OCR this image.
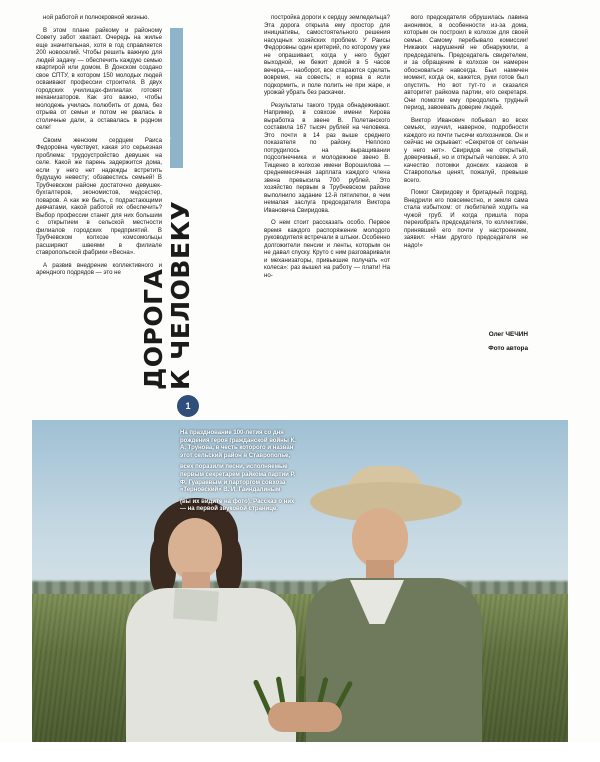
ной работой и полнокровной жизнью.

В этом плане райкому и районому Совету забот хватает. Очередь на жилье еще значительная, хотя в год справляется 200 новоселий. Чтобы решить важную для людей задачу — обеспечить каждую семью квартирой или домом. В Донском создано свое СПТУ, в котором 150 молодых людей осваивают профессии строителя. В двух городских училищах-филиалах готовят механизаторов. Как это важно, чтобы молодежь училась полюбить от дома, без отрыва от семьи и потом не рвалась в столичные дали, а оставалась в родном селе!

Своим женским сердцем Раиса Федоровна чувствует, какая это серьезная проблема: трудоустройство девушек на селе. Какой же парень задержится дома, если у него нет надежды встретить будущую невесту; обзавестись семьей! В Трубчевском районе достаточно девушек-бухгалтеров, экономистов, медсестер, поваров. А как же быть, с подрастающими девчатами, какой работой их обеспечить? Выбор профессии станет для них большим с открытием в сельской местности филиалов городских предприятий. В Трубчевском колхозе комсомольцы расширяют швеями в филиале ставропольской фабрики «Весна».

А развив внедрение коллективного и арендного подрядов — это не

ПРИЗЫВЫ, ПЕРЕСТРОЙКИ
ДОРОГА
К ЧЕЛОВЕКУ

постройка дороги к сердцу земледельца? Эта дорога открыла ему простор для инициативы, самостоятельного решения насущных хозяйских проблем. У Раисы Федоровны один критерий, по которому уже не опрашивает, когда у него будет выходной, не бежит домой в 5 часов вечера,— наоборот, все стараются сделать вовремя, на совесть; и корма в ясли подкормить, и поле полить не при жаре, и урожай убрать без раскачки.

Результаты такого труда обнадеживают. Например, в совхозе имени Кирова выработка в звене В. Полетанского составила 167 тысяч рублей на человека. Это почти в 14 раз выше среднего показателя по району. Неплохо потрудилось на выращивании подсолнечника и молодежное звено В. Тищенко в колхозе имени Ворошилова — среднемесячная зарплата каждого члена звена превысила 700 рублей. Это хозяйство первым в Трубчевском районе выполнило задание 12-й пятилетки, в чем немалая заслуга председателя Виктора Ивановича Свиридова.

О нем стоит рассказать особо. Первое время каждого распоряжение молодого руководителя встречали в штыки. Особенно долгожители пенсии и ленты, которым он не давал спуску. Круто с ним разговаривали и механизаторы, привыкшие получать «от колеса»: раз вышел на работу — плати! На но-

вого председателя обрушилась лавина анонимок, в особенности из-за дома, которым он построил в колхозе для своей семьи. Самому перебывало комиссии! Никаких нарушений не обнаружили, а председатель. Председатель свидетелем, и за обращение в колхозе он намерен обосноваться навсегда. Был намечен момент, когда он, кажется, руки готов был опустить. Но вот тут-то и сказался авторитет райкома партии, его секретаря. Они помогли ему преодолеть трудный период, завоевать доверие людей.

Виктор Иванович побывал во всех семьях, изучил, наверное, подробности каждого из почти тысячи колхозников. Он и сейчас не скрывает: «Секретов от сельчан у него нет». Свиридов не открытый, доверчивый, но и открытый человек. А это качество потомки донских казаков в Ставрополье ценят, пожалуй, превыше всего.

Помог Свиридову и бригадный подряд. Внедрили его повсеместно, и земля сама стала избытком: от любителей ходить на чужой груб. И когда пришла пора переизбрать председателя, то коллективе, принявший его почти у настроением, заявил: «Нам другого председателя не надо!»

Олег ЧЕЧИН
Фото автора
1

На празднование 100-летия со дня рождения героя гражданской войны К. А. Трунова, в честь которого и назван этот сельский район в Ставрополье,

всех поразили песни, исполняемые первым секретарем райкома партии Р. Ф. Гуараевым и парторгом совхоза «Терновский» В. И. Гаиндалиным

(вы их видите на фото). Расскаэ о них — на первой звуковой странице.
